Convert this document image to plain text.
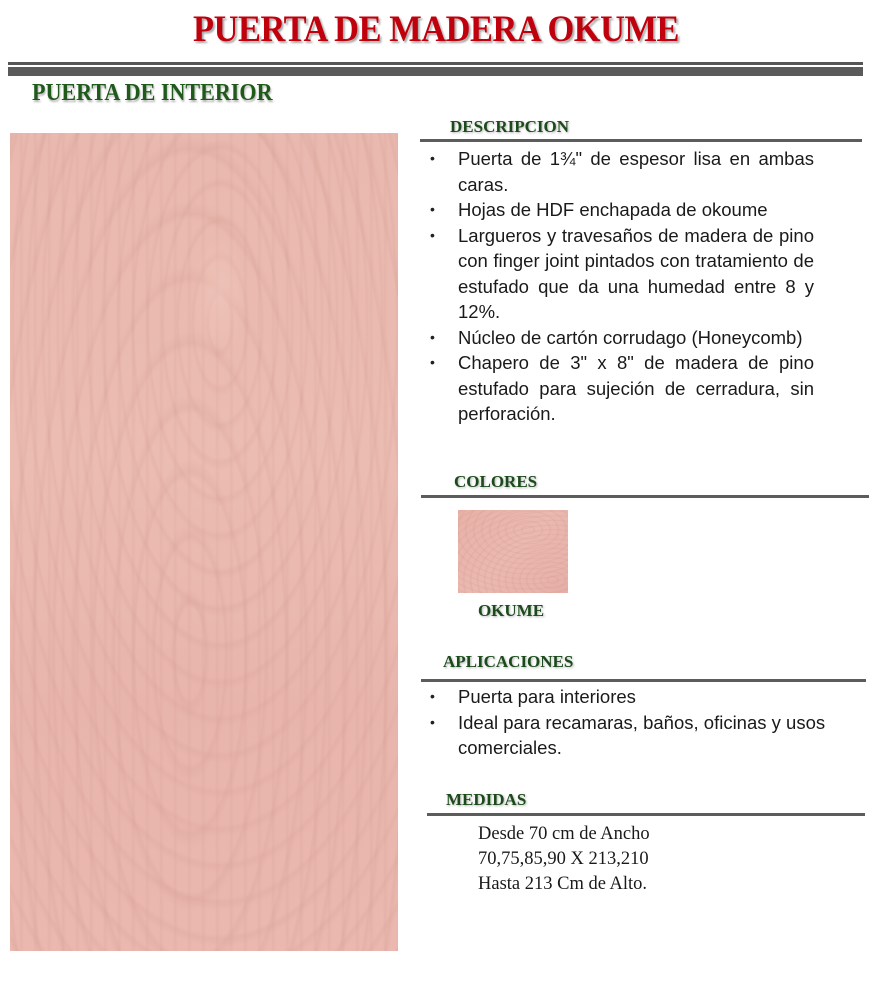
PUERTA DE MADERA OKUME
PUERTA DE INTERIOR
DESCRIPCION
• Puerta de 1¾" de espesor lisa en ambas caras.
• Hojas de HDF enchapada de okoume
• Largueros y travesaños de madera de pino con finger joint pintados con tratamiento de estufado que da una humedad entre 8 y 12%.
• Núcleo de cartón corrudago (Honeycomb)
• Chapero de 3" x 8" de madera de pino estufado para sujeción de cerradura, sin perforación.
COLORES
OKUME
APLICACIONES
• Puerta para interiores
• Ideal para recamaras, baños, oficinas y usos comerciales.
MEDIDAS
Desde 70 cm de Ancho
70,75,85,90 X 213,210
Hasta 213 Cm de Alto.
